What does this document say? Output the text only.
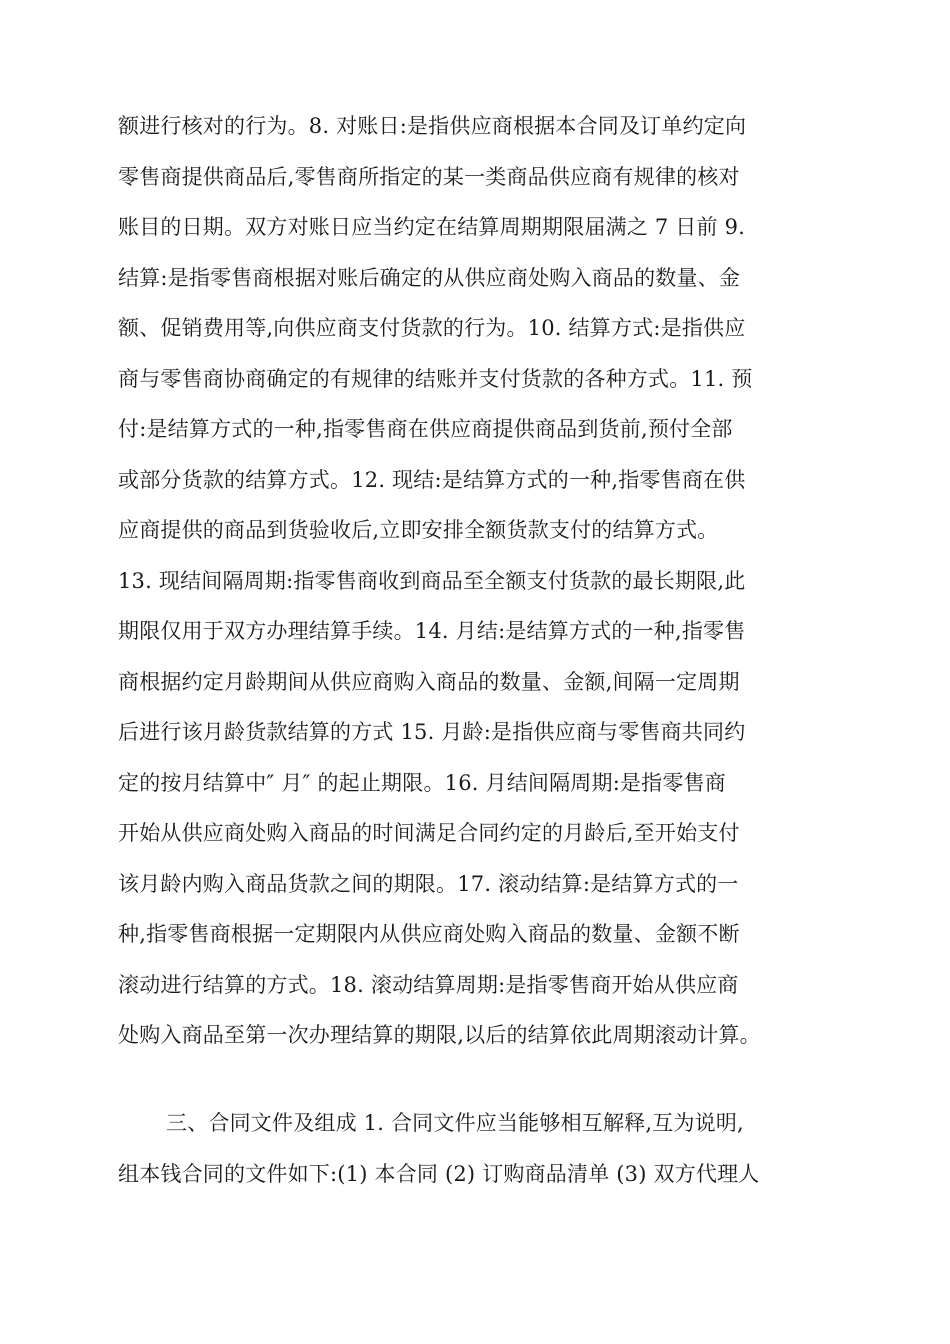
额进行核对的行为。8. 对账日:是指供应商根据本合同及订单约定向
零售商提供商品后,零售商所指定的某一类商品供应商有规律的核对
账目的日期。双方对账日应当约定在结算周期期限届满之 7 日前 9.
结算:是指零售商根据对账后确定的从供应商处购入商品的数量、金
额、促销费用等,向供应商支付货款的行为。10. 结算方式:是指供应
商与零售商协商确定的有规律的结账并支付货款的各种方式。11. 预
付:是结算方式的一种,指零售商在供应商提供商品到货前,预付全部
或部分货款的结算方式。12. 现结:是结算方式的一种,指零售商在供
应商提供的商品到货验收后,立即安排全额货款支付的结算方式。
13. 现结间隔周期:指零售商收到商品至全额支付货款的最长期限,此
期限仅用于双方办理结算手续。14. 月结:是结算方式的一种,指零售
商根据约定月龄期间从供应商购入商品的数量、金额,间隔一定周期
后进行该月龄货款结算的方式 15. 月龄:是指供应商与零售商共同约
定的按月结算中″ 月″ 的起止期限。16. 月结间隔周期:是指零售商
开始从供应商处购入商品的时间满足合同约定的月龄后,至开始支付
该月龄内购入商品货款之间的期限。17. 滚动结算:是结算方式的一
种,指零售商根据一定期限内从供应商处购入商品的数量、金额不断
滚动进行结算的方式。18. 滚动结算周期:是指零售商开始从供应商
处购入商品至第一次办理结算的期限,以后的结算依此周期滚动计算。
三、合同文件及组成 1. 合同文件应当能够相互解释,互为说明,
组本钱合同的文件如下:(1) 本合同 (2) 订购商品清单 (3) 双方代理人
